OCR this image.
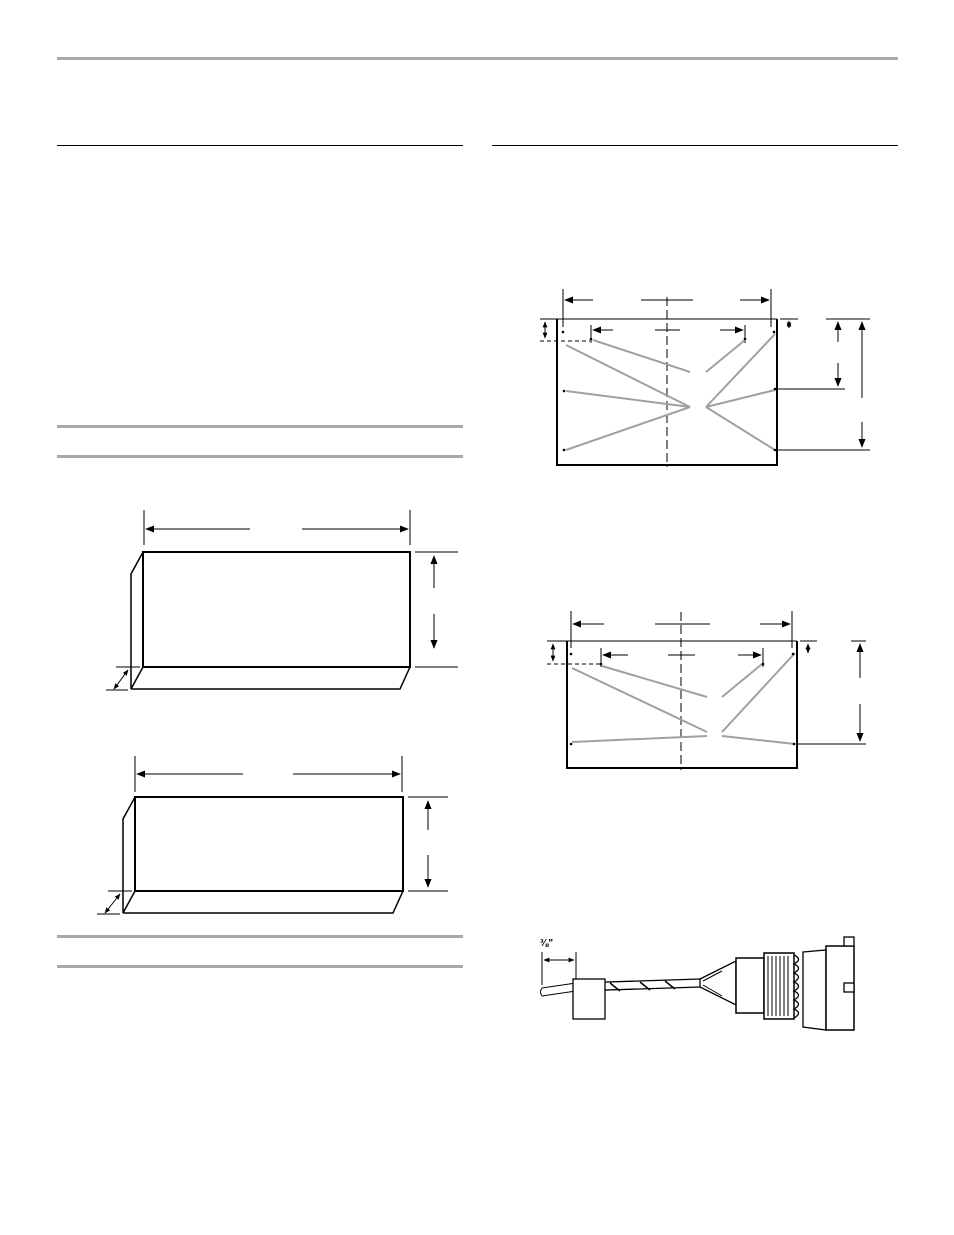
⅜"
